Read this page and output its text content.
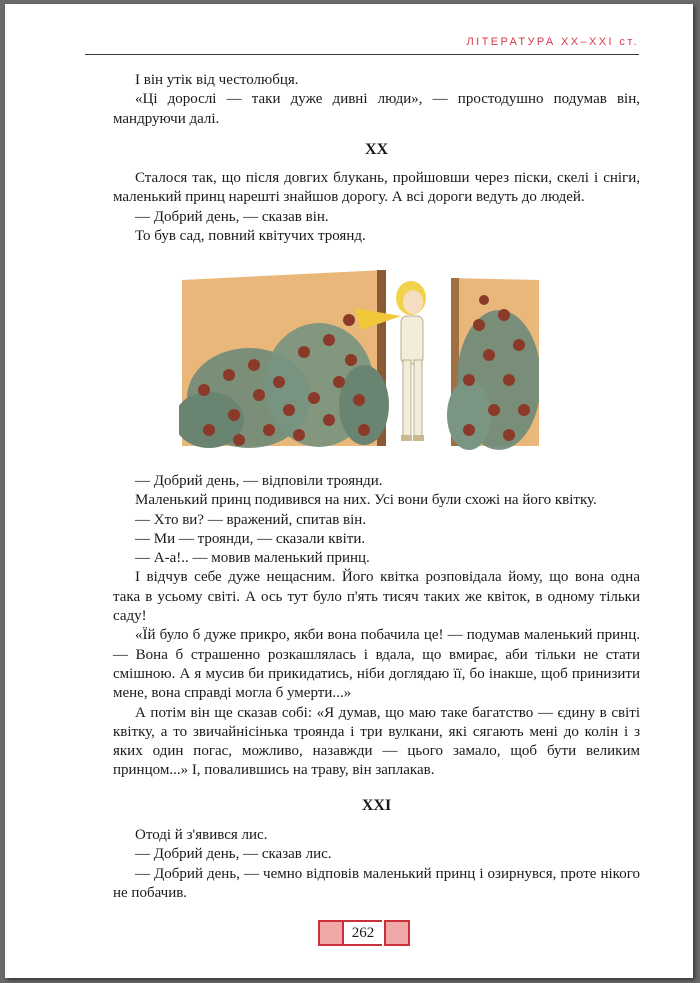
ЛІТЕРАТУРА XX–XXI ст.

І він утік від честолюбця.

«Ці дорослі — таки дуже дивні люди», — простодушно подумав він, мандруючи далі.

XX

Сталося так, що після довгих блукань, пройшовши через піски, скелі і сніги, маленький принц нарешті знайшов дорогу. А всі дороги ведуть до людей.

— Добрий день, — сказав він.

То був сад, повний квітучих троянд.

— Добрий день, — відповіли троянди.

Маленький принц подивився на них. Усі вони були схожі на його квітку.

— Хто ви? — вражений, спитав він.

— Ми — троянди, — сказали квіти.

— А-а!.. — мовив маленький принц.

І відчув себе дуже нещасним. Його квітка розповідала йому, що вона одна така в усьому світі. А ось тут було п'ять тисяч таких же квіток, в одному тільки саду!

«Їй було б дуже прикро, якби вона побачила це! — подумав маленький принц. — Вона б страшенно розкашлялась і вдала, що вмирає, аби тільки не стати смішною. А я мусив би прикидатись, ніби доглядаю її, бо інакше, щоб принизити мене, вона справді могла б умерти...»

А потім він ще сказав собі: «Я думав, що маю таке багатство — єдину в світі квітку, а то звичайнісінька троянда і три вулкани, які сягають мені до колін і з яких один погас, можливо, назавжди — цього замало, щоб бути великим принцом...» І, повалившись на траву, він заплакав.

XXI

Отоді й з'явився лис.

— Добрий день, — сказав лис.

— Добрий день, — чемно відповів маленький принц і озирнувся, проте нікого не побачив.

262
